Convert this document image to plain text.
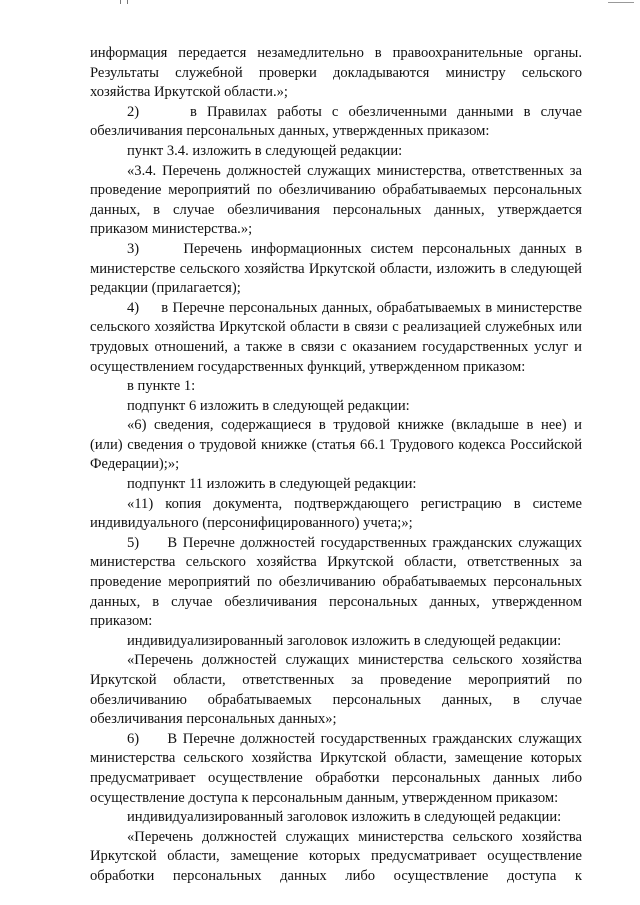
информация передается незамедлительно в правоохранительные органы. Результаты служебной проверки докладываются министру сельского хозяйства Иркутской области.»;

2)     в Правилах работы с обезличенными данными в случае обезличивания персональных данных, утвержденных приказом:

пункт 3.4. изложить в следующей редакции:

«3.4. Перечень должностей служащих министерства, ответственных за проведение мероприятий по обезличиванию обрабатываемых персональных данных, в случае обезличивания персональных данных, утверждается приказом министерства.»;

3)     Перечень информационных систем персональных данных в министерстве сельского хозяйства Иркутской области, изложить в следующей редакции (прилагается);

4)     в Перечне персональных данных, обрабатываемых в министерстве сельского хозяйства Иркутской области в связи с реализацией служебных или трудовых отношений, а также в связи с оказанием государственных услуг и осуществлением государственных функций, утвержденном приказом:

в пункте 1:

подпункт 6 изложить в следующей редакции:

«6) сведения, содержащиеся в трудовой книжке (вкладыше в нее) и (или) сведения о трудовой книжке (статья 66.1 Трудового кодекса Российской Федерации);»;

подпункт 11 изложить в следующей редакции:

«11) копия документа, подтверждающего регистрацию в системе индивидуального (персонифицированного) учета;»;

5)     В Перечне должностей государственных гражданских служащих министерства сельского хозяйства Иркутской области, ответственных за проведение мероприятий по обезличиванию обрабатываемых персональных данных, в случае обезличивания персональных данных, утвержденном приказом:

индивидуализированный заголовок изложить в следующей редакции:

«Перечень должностей служащих министерства сельского хозяйства Иркутской области, ответственных за проведение мероприятий по обезличиванию обрабатываемых персональных данных, в случае обезличивания персональных данных»;

6)     В Перечне должностей государственных гражданских служащих министерства сельского хозяйства Иркутской области, замещение которых предусматривает осуществление обработки персональных данных либо осуществление доступа к персональным данным, утвержденном приказом:

индивидуализированный заголовок изложить в следующей редакции:

«Перечень должностей служащих министерства сельского хозяйства Иркутской области, замещение которых предусматривает осуществление обработки персональных данных либо осуществление доступа к
